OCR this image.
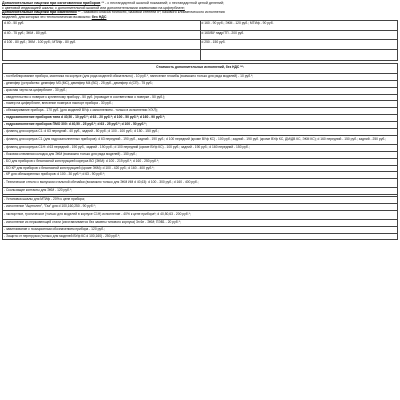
Дополнительные наценки при изготовлении приборов ** - с нестандартной шкалой показаний; с нестандартной ценой делений;
с цветовой индикацией шкалы; с дополнительной шкалой или дополнительными символами на циферблате;
Дополнительные наценки при изменении ** - базового класса точности, базовой степени IP, базового климатического исполнения
моделей, для которых это технологически возможно: без НДС
d 40 - 50 руб.	d 160 - 90 руб.; ЭКМ - 120 руб.; МТИф - 90 руб.
d 40 - 75 руб.; ЭКМ - 80 руб.	d 160/ВУ надр/ТП - 200 руб.
d 100 - 80 руб.; ЭКМ - 100 руб.; МТИф - 80 руб.	d 250 - 150 руб.

Стоимость дополнительных исполнений, без НДС **:
- гостбиблирование прибора, маятника на корпусе (для ряда моделей обязательно) - 10 руб.*, нанесение пломбы (возможно только для ряда моделей) - 10 руб.*;
- демпфер (устройство: демпфер М3 (МС), демпфер М4 (ВС) - 25 руб., демпфер d (СП) - 75 руб.;
- красная черта на циферблате - 30 руб.;
- свидетельство о поверке к купленному прибору - 50 руб. (проводит в соответствии о поверке - 50 руб.);
- номер на циферблате, внесение номера в паспорт прибора - 30 руб.;
- обезжиривание прибора - 170 руб. (для моделей ВУф с заполнением - только в исполнении У/ХЛ);
- гидрозаполнение приборов типа d 40,50 - 10 руб.*; d 63 - 20 руб.*; d 100 - 50 руб.*; d 160 - 90 руб.*;
- гидрозаполнение приборов ПМО 300: d 40,50 - 25 руб.*; d 63 - 25 руб.*; d 100 - 50 руб.*;
- фланец для корпуса С1: d 63 передний - 40 руб., задний - 50 руб.; d 100 - 100 руб.; d 150 - 150 руб.;
- фланец для корпуса С1 (для гидрозаполненных приборов): d 63 передний - 190 руб., задний - 190 руб.; d 100 передний (кроме ВУф КС) - 100 руб.; задний - 190 руб. (кроме ВУф КС, ДМ/ДВ КС, ЭКМ КС); d 160 передний - 150 руб.; задний - 250 руб.;
- фланец для корпуса С1Н: d 63 передний - 190 руб., задний - 190 руб.; d 100 передний (кроме ВУф КС) - 100 руб.; задний - 190 руб.; d 160 передний - 150 руб.;
- боковая клеммная колодка для ЭКМ (возможно только для ряда моделей) - 150 руб.;
- БО для приборов с безопасной конструкцией корпуса ВО (ЭКМ): d 100 - 219 руб.*; d 160 - 250 руб.*;
- БО КР для приборов с безопасной конструкцией (кроме ЭКМ): d 100 - 420 руб.; d 160 - 400 руб.*;
- КР для обезжиренных приборов: d 100 - 30 руб.*; d 63 - 90 руб.*;
- Техническое стекло с выпуском стальной обечайки (возможно только для ЭКМ ИМ d 40,63): d 100 - 300 руб.; d 160 - 400 руб.;
- Скользящие контакты для ЭКМ - 120 руб.*;

- Установка шкалы для МТИф - 20% к цене прибора;
- исполнение "Ацетилен", "Газ" для d 100,160,250 - 90 руб.*;
- экспортное, тропическое (только для моделей в корпусе С1Н) исполнение - 40% к цене прибора*; d 40,50,63 - 200 руб.*;
- исполнение из нержавеющей стали (изготавливается без замены типового корпуса) 3н 6н - ЭКМ; ПЭВ1 - 20 руб.*;
- завинчивание с позиционным обозначением прибора - 120 руб.;
- Защита от перегрузки (только для моделей ВУф КС d 100,160) - 250 руб.*;
